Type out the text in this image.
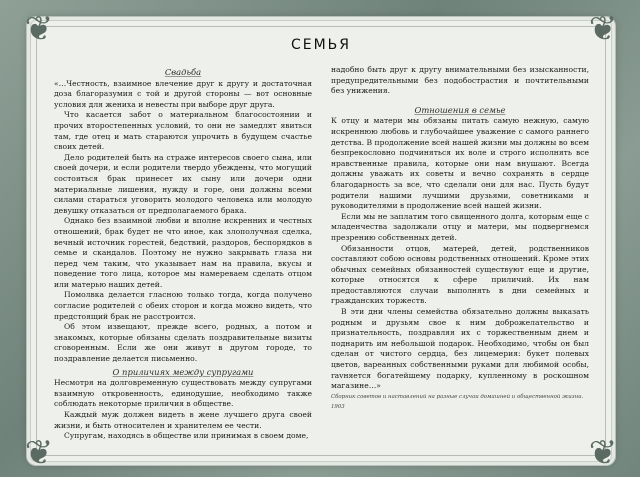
❦	❦
❦	❦
СЕМЬЯ
Свадьба

«…Честность, взаимное влечение друг к другу и достаточная доза благоразумия с той и другой стороны — вот основные условия для жениха и невесты при выборе друг друга.

Что касается забот о материальном благосостоянии и прочих второстепенных условий, то они не замедлят явиться там, где отец и мать стараются упрочить в будущем счастье своих детей.

Дело родителей быть на страже интересов своего сына, или своей дочери, и если родители твердо убеждены, что могущий состояться брак принесет их сыну или дочери одни материальные лишения, нужду и горе, они должны всеми силами стараться уговорить молодого человека или молодую девушку отказаться от предполагаемого брака.

Однако без взаимной любви и вполне искренних и честных отношений, брак будет не что иное, как злополучная сделка, вечный источник горестей, бедствий, раздоров, беспорядков в семье и скандалов. Поэтому не нужно закрывать глаза ни перед чем таким, что указывает нам на правила, вкусы и поведение того лица, которое мы намереваем сделать отцом или матерью наших детей.

Помолвка делается гласною только тогда, когда получено согласие родителей с обеих сторон и когда можно видеть, что предстоящий брак не расстроится.

Об этом извещают, прежде всего, родных, а потом и знакомых, которые обязаны сделать поздравительные визиты сговоренным. Если же они живут в другом городе, то поздравление делается письменно.

О приличиях между супругами

Несмотря на долговременную существовать между супругами взаимную откровенность, единодушие, необходимо также соблюдать некоторые приличия в обществе.

Каждый муж должен видеть в жене лучшего друга своей жизни, и быть относителен и хранителем ее чести.

Супругам, находясь в обществе или принимая в своем доме,

надобно быть друг к другу внимательными без изысканности, предупредительными без подобострастия и почтительными без унижения.

Отношения в семье

К отцу и матери мы обязаны питать самую нежную, самую искреннюю любовь и глубочайшее уважение с самого раннего детства. В продолжение всей нашей жизни мы должны во всем безпрекословно подчиняться их воле и строго исполнять все нравственные правила, которые они нам внушают. Всегда должны уважать их советы и вечно сохранять в сердце благодарность за все, что сделали они для нас. Пусть будут родители нашими лучшими друзьями, советниками и руководителями в продолжение всей нашей жизни.

Если мы не заплатим того священного долга, которым еще с младенчества задолжали отцу и матери, мы подвергнемся презрению собственных детей.

Обязанности отцов, матерей, детей, родственников составляют собою основы родственных отношений. Кроме этих обычных семейных обязанностей существуют еще и другие, которые относятся к сфере приличий. Их нам предоставляются случаи выполнять в дни семейных и гражданских торжеств.

В эти дни члены семейства обязательно должны выказать родным и друзьям свое к ним доброжелательство и признательность, поздравляя их с торжественным днем и поднарить им небольшой подарок. Необходимо, чтобы он был сделан от чистого сердца, без лицемерия: букет полевых цветов, вареанных собственными руками для любимой особы, ravняется богатейшему подарку, купленному в роскошном магазине…»

Сборник советов и наставлений на разные случаи домашней и общественной жизни. 1903
